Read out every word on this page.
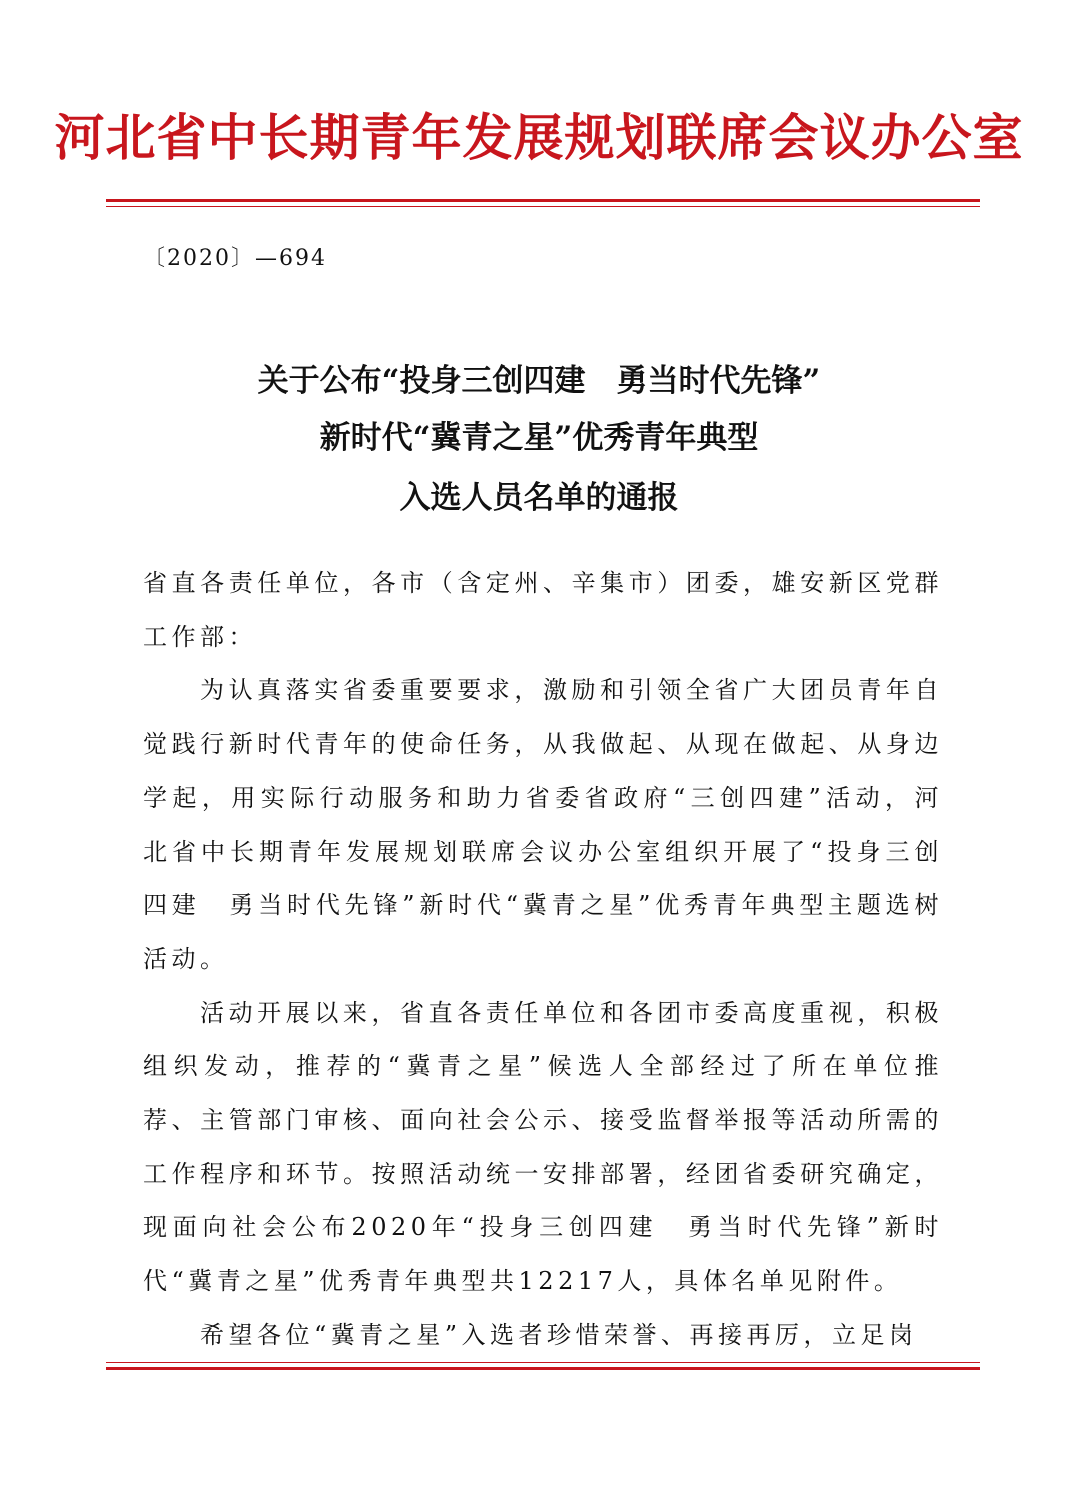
河北省中长期青年发展规划联席会议办公室
〔2020〕—694
关于公布“投身三创四建　勇当时代先锋”
新时代“冀青之星”优秀青年典型
入选人员名单的通报

省直各责任单位，各市（含定州、辛集市）团委，雄安新区党群工作部：

为认真落实省委重要要求，激励和引领全省广大团员青年自觉践行新时代青年的使命任务，从我做起、从现在做起、从身边学起，用实际行动服务和助力省委省政府“三创四建”活动，河北省中长期青年发展规划联席会议办公室组织开展了“投身三创四建　勇当时代先锋”新时代“冀青之星”优秀青年典型主题选树活动。

活动开展以来，省直各责任单位和各团市委高度重视，积极组织发动，推荐的“冀青之星”候选人全部经过了所在单位推荐、主管部门审核、面向社会公示、接受监督举报等活动所需的工作程序和环节。按照活动统一安排部署，经团省委研究确定，现面向社会公布2020年“投身三创四建　勇当时代先锋”新时代“冀青之星”优秀青年典型共12217人，具体名单见附件。

希望各位“冀青之星”入选者珍惜荣誉、再接再厉，立足岗
